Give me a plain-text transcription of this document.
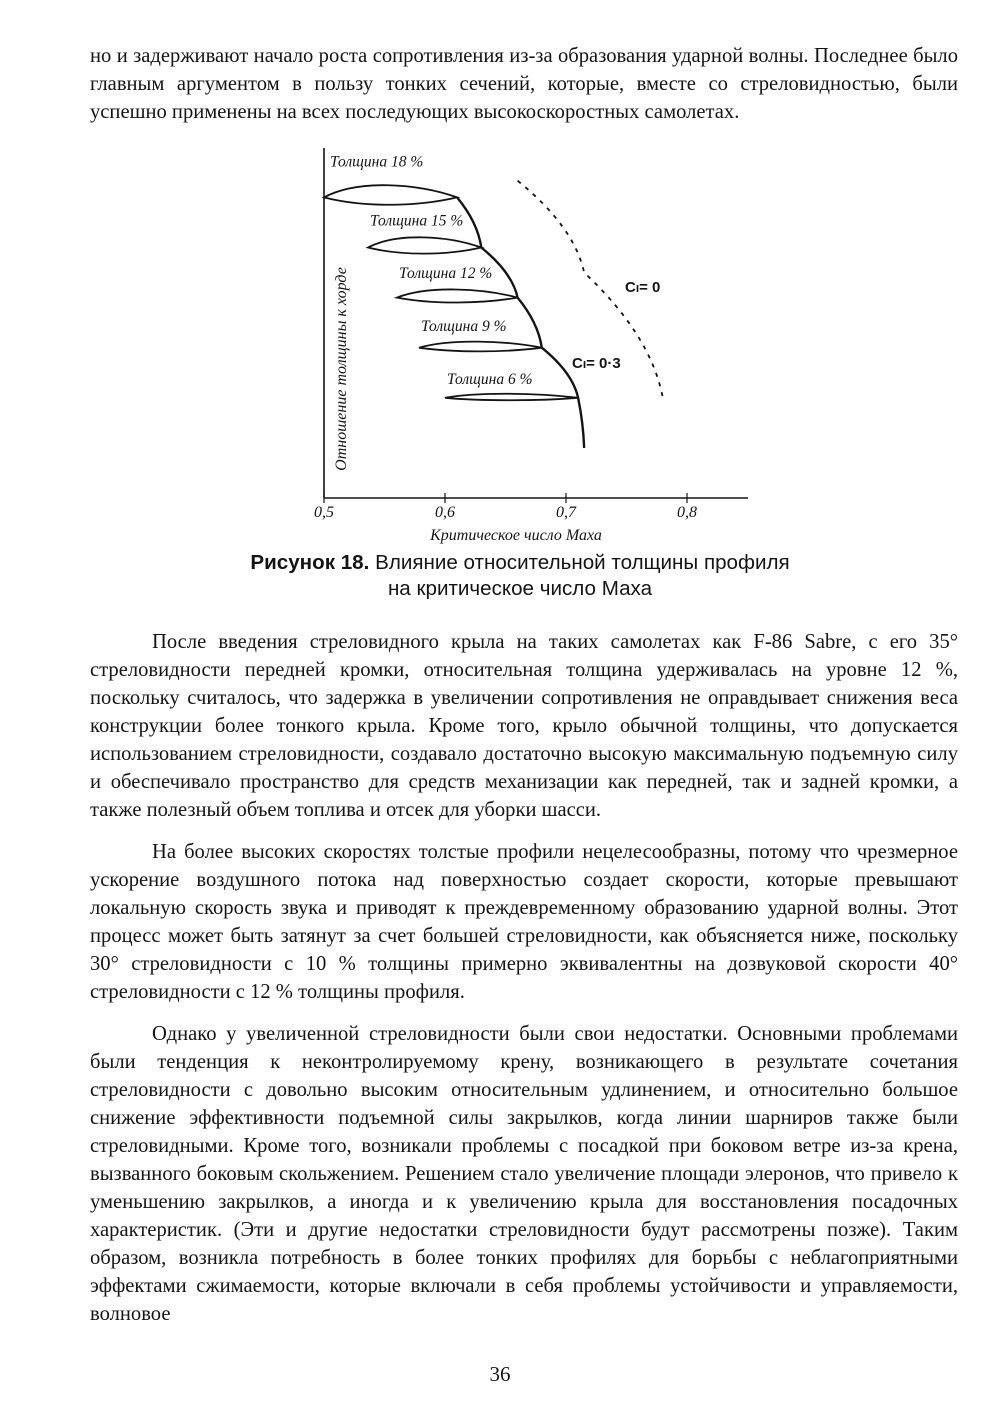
но и задерживают начало роста сопротивления из-за образования ударной волны. Последнее было главным аргументом в пользу тонких сечений, которые, вместе со стреловидностью, были успешно применены на всех последующих высокоскоростных самолетах.
Толщина 18 %
Толщина 15 %
Толщина 12 %
Толщина 9 %
Толщина 6 %
0,5	0,6	0,7	0,8
Критическое число Маха
Отношение толщины к хорде	Cₗ= 0·3
Cₗ= 0
Рисунок 18. Влияние относительной толщины профиля
на критическое число Маха
После введения стреловидного крыла на таких самолетах как F-86 Sabre, с его 35° стреловидности передней кромки, относительная толщина удерживалась на уровне 12 %, поскольку считалось, что задержка в увеличении сопротивления не оправдывает снижения веса конструкции более тонкого крыла. Кроме того, крыло обычной толщины, что допускается использованием стреловидности, создавало достаточно высокую максимальную подъемную силу и обеспечивало пространство для средств механизации как передней, так и задней кромки, а также полезный объем топлива и отсек для уборки шасси.
На более высоких скоростях толстые профили нецелесообразны, потому что чрезмерное ускорение воздушного потока над поверхностью создает скорости, которые превышают локальную скорость звука и приводят к преждевременному образованию ударной волны. Этот процесс может быть затянут за счет большей стреловидности, как объясняется ниже, поскольку 30° стреловидности с 10 % толщины примерно эквивалентны на дозвуковой скорости 40° стреловидности с 12 % толщины профиля.
Однако у увеличенной стреловидности были свои недостатки. Основными проблемами были тенденция к неконтролируемому крену, возникающего в результате сочетания стреловидности с довольно высоким относительным удлинением, и относительно большое снижение эффективности подъемной силы закрылков, когда линии шарниров также были стреловидными. Кроме того, возникали проблемы с посадкой при боковом ветре из-за крена, вызванного боковым скольжением. Решением стало увеличение площади элеронов, что привело к уменьшению закрылков, а иногда и к увеличению крыла для восстановления посадочных характеристик. (Эти и другие недостатки стреловидности будут рассмотрены позже). Таким образом, возникла потребность в более тонких профилях для борьбы с неблагоприятными эффектами сжимаемости, которые включали в себя проблемы устойчивости и управляемости, волновое
36
